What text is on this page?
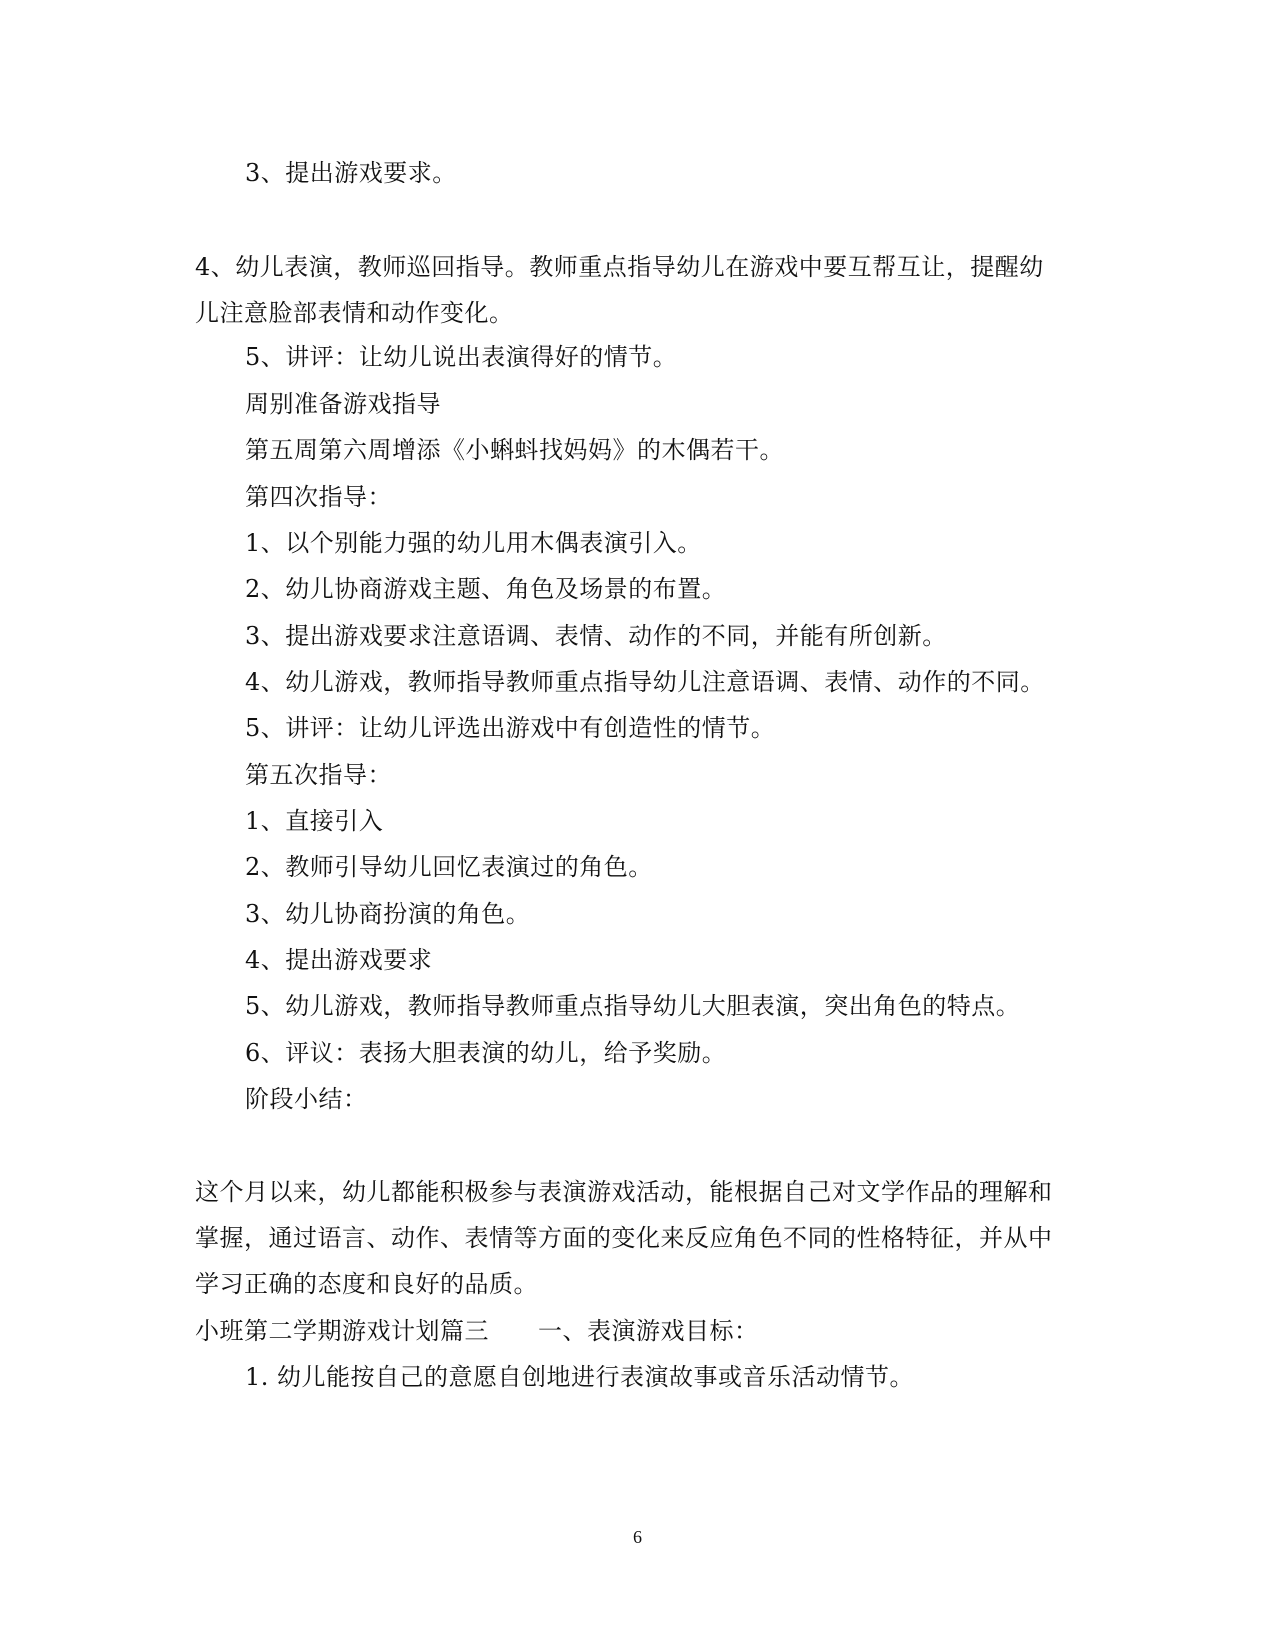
3、提出游戏要求。
4、幼儿表演，教师巡回指导。教师重点指导幼儿在游戏中要互帮互让，提醒幼
儿注意脸部表情和动作变化。
5、讲评：让幼儿说出表演得好的情节。
周别准备游戏指导
第五周第六周增添《小蝌蚪找妈妈》的木偶若干。
第四次指导：
1、以个别能力强的幼儿用木偶表演引入。
2、幼儿协商游戏主题、角色及场景的布置。
3、提出游戏要求注意语调、表情、动作的不同，并能有所创新。
4、幼儿游戏，教师指导教师重点指导幼儿注意语调、表情、动作的不同。
5、讲评：让幼儿评选出游戏中有创造性的情节。
第五次指导：
1、直接引入
2、教师引导幼儿回忆表演过的角色。
3、幼儿协商扮演的角色。
4、提出游戏要求
5、幼儿游戏，教师指导教师重点指导幼儿大胆表演，突出角色的特点。
6、评议：表扬大胆表演的幼儿，给予奖励。
阶段小结：
这个月以来，幼儿都能积极参与表演游戏活动，能根据自己对文学作品的理解和
掌握，通过语言、动作、表情等方面的变化来反应角色不同的性格特征，并从中
学习正确的态度和良好的品质。
小班第二学期游戏计划篇三　　一、表演游戏目标：
1. 幼儿能按自己的意愿自创地进行表演故事或音乐活动情节。
6
